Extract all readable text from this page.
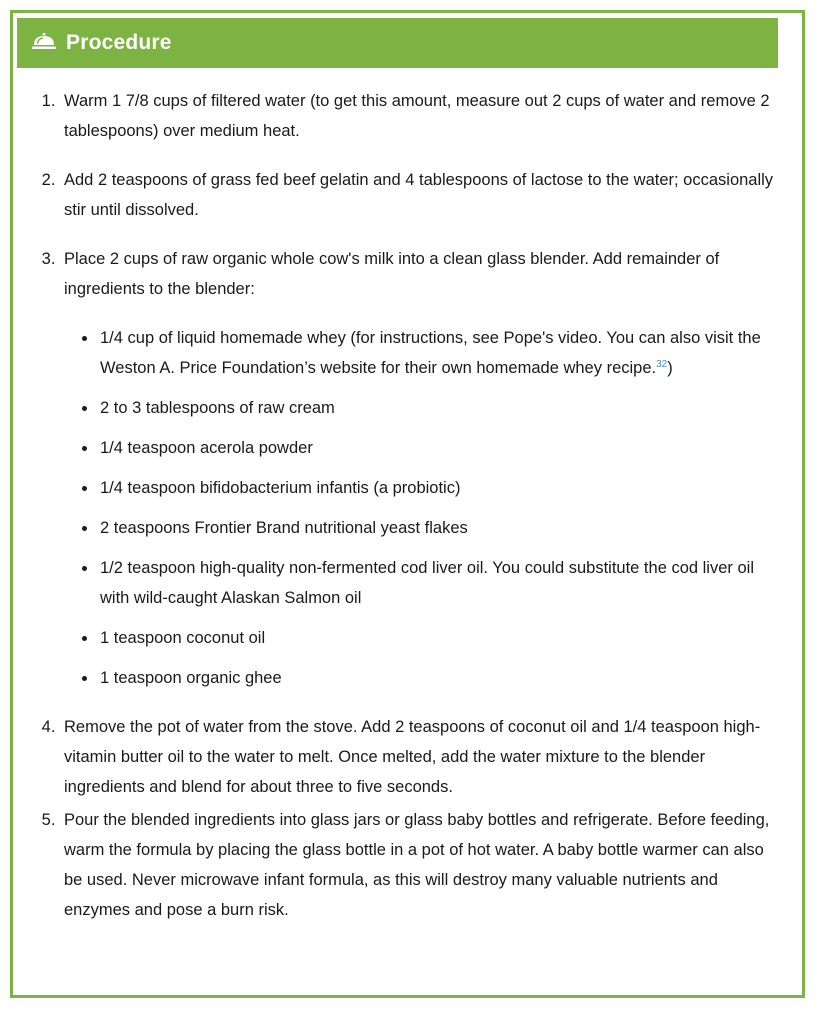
Procedure
1. Warm 1 7/8 cups of filtered water (to get this amount, measure out 2 cups of water and remove 2 tablespoons) over medium heat.
2. Add 2 teaspoons of grass fed beef gelatin and 4 tablespoons of lactose to the water; occasionally stir until dissolved.
3. Place 2 cups of raw organic whole cow's milk into a clean glass blender. Add remainder of ingredients to the blender:
• 1/4 cup of liquid homemade whey (for instructions, see Pope's video. You can also visit the Weston A. Price Foundation’s website for their own homemade whey recipe.$^{32}$)
• 2 to 3 tablespoons of raw cream
• 1/4 teaspoon acerola powder
• 1/4 teaspoon bifidobacterium infantis (a probiotic)
• 2 teaspoons Frontier Brand nutritional yeast flakes
• 1/2 teaspoon high-quality non-fermented cod liver oil. You could substitute the cod liver oil with wild-caught Alaskan Salmon oil
• 1 teaspoon coconut oil
• 1 teaspoon organic ghee
4. Remove the pot of water from the stove. Add 2 teaspoons of coconut oil and 1/4 teaspoon high-vitamin butter oil to the water to melt. Once melted, add the water mixture to the blender ingredients and blend for about three to five seconds.
5. Pour the blended ingredients into glass jars or glass baby bottles and refrigerate. Before feeding, warm the formula by placing the glass bottle in a pot of hot water. A baby bottle warmer can also be used. Never microwave infant formula, as this will destroy many valuable nutrients and enzymes and pose a burn risk.
